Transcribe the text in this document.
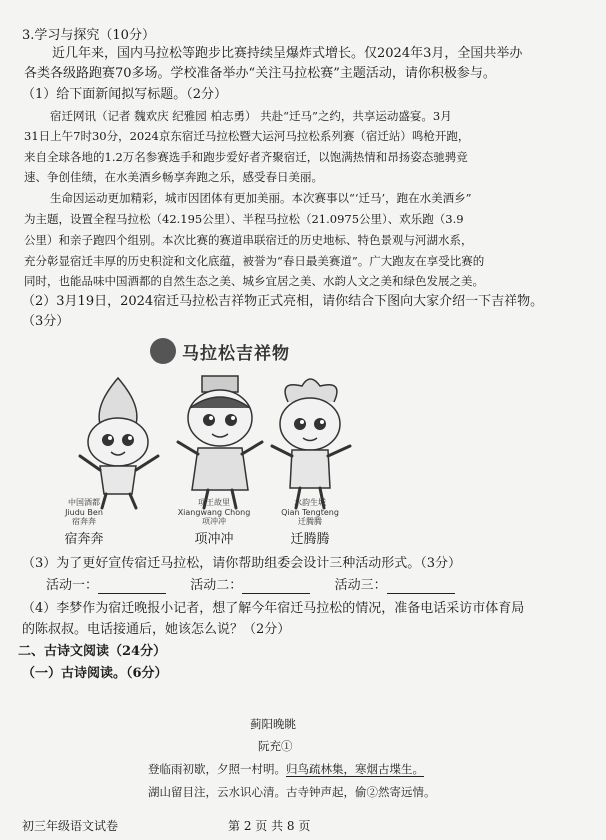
3.学习与探究（10分）
近几年来，国内马拉松等跑步比赛持续呈爆炸式增长。仅2024年3月，全国共举办
各类各级路跑赛70多场。学校准备举办“关注马拉松赛”主题活动，请你积极参与。
（1）给下面新闻拟写标题。（2分）
宿迁网讯（记者 魏欢庆 纪雅园 柏志勇） 共赴“迁马”之约，共享运动盛宴。3月
31日上午7时30分，2024京东宿迁马拉松暨大运河马拉松系列赛（宿迁站）鸣枪开跑，
来自全球各地的1.2万名参赛选手和跑步爱好者齐聚宿迁，以饱满热情和昂扬姿态驰骋竞
速、争创佳绩，在水美酒乡畅享奔跑之乐，感受春日美丽。
生命因运动更加精彩，城市因团体有更加美丽。本次赛事以“‘迁马’，跑在水美酒乡”
为主题，设置全程马拉松（42.195公里）、半程马拉松（21.0975公里）、欢乐跑（3.9
公里）和亲子跑四个组别。本次比赛的赛道串联宿迁的历史地标、特色景观与河湖水系，
充分彰显宿迁丰厚的历史积淀和文化底蕴，被誉为“春日最美赛道”。广大跑友在享受比赛的
同时，也能品味中国酒都的自然生态之美、城乡宜居之美、水韵人文之美和绿色发展之美。
（2）3月19日，2024宿迁马拉松吉祥物正式亮相，请你结合下图向大家介绍一下吉祥物。
（3分）
马拉松吉祥物
中国酒都
Jiudu Ben
宿奔奔
宿奔奔
项王故里
Xiangwang Chong
项冲冲
项冲冲
水韵生城
Qian Tengteng
迁腾腾
迁腾腾
（3）为了更好宣传宿迁马拉松，请你帮助组委会设计三种活动形式。（3分）
活动一：	活动二：	活动三：
（4）李梦作为宿迁晚报小记者，想了解今年宿迁马拉松的情况，准备电话采访市体育局
的陈叔叔。电话接通后，她该怎么说？（2分）
二、古诗文阅读（24分）
（一）古诗阅读。（6分）
蓟阳晚眺
阮充①
登临雨初歇，夕照一村明。归鸟疏林集，寒烟古堞生。
湖山留目注，云水识心清。古寺钟声起，偷②然寄远情。
初三年级语文试卷	第 2 页 共 8 页
